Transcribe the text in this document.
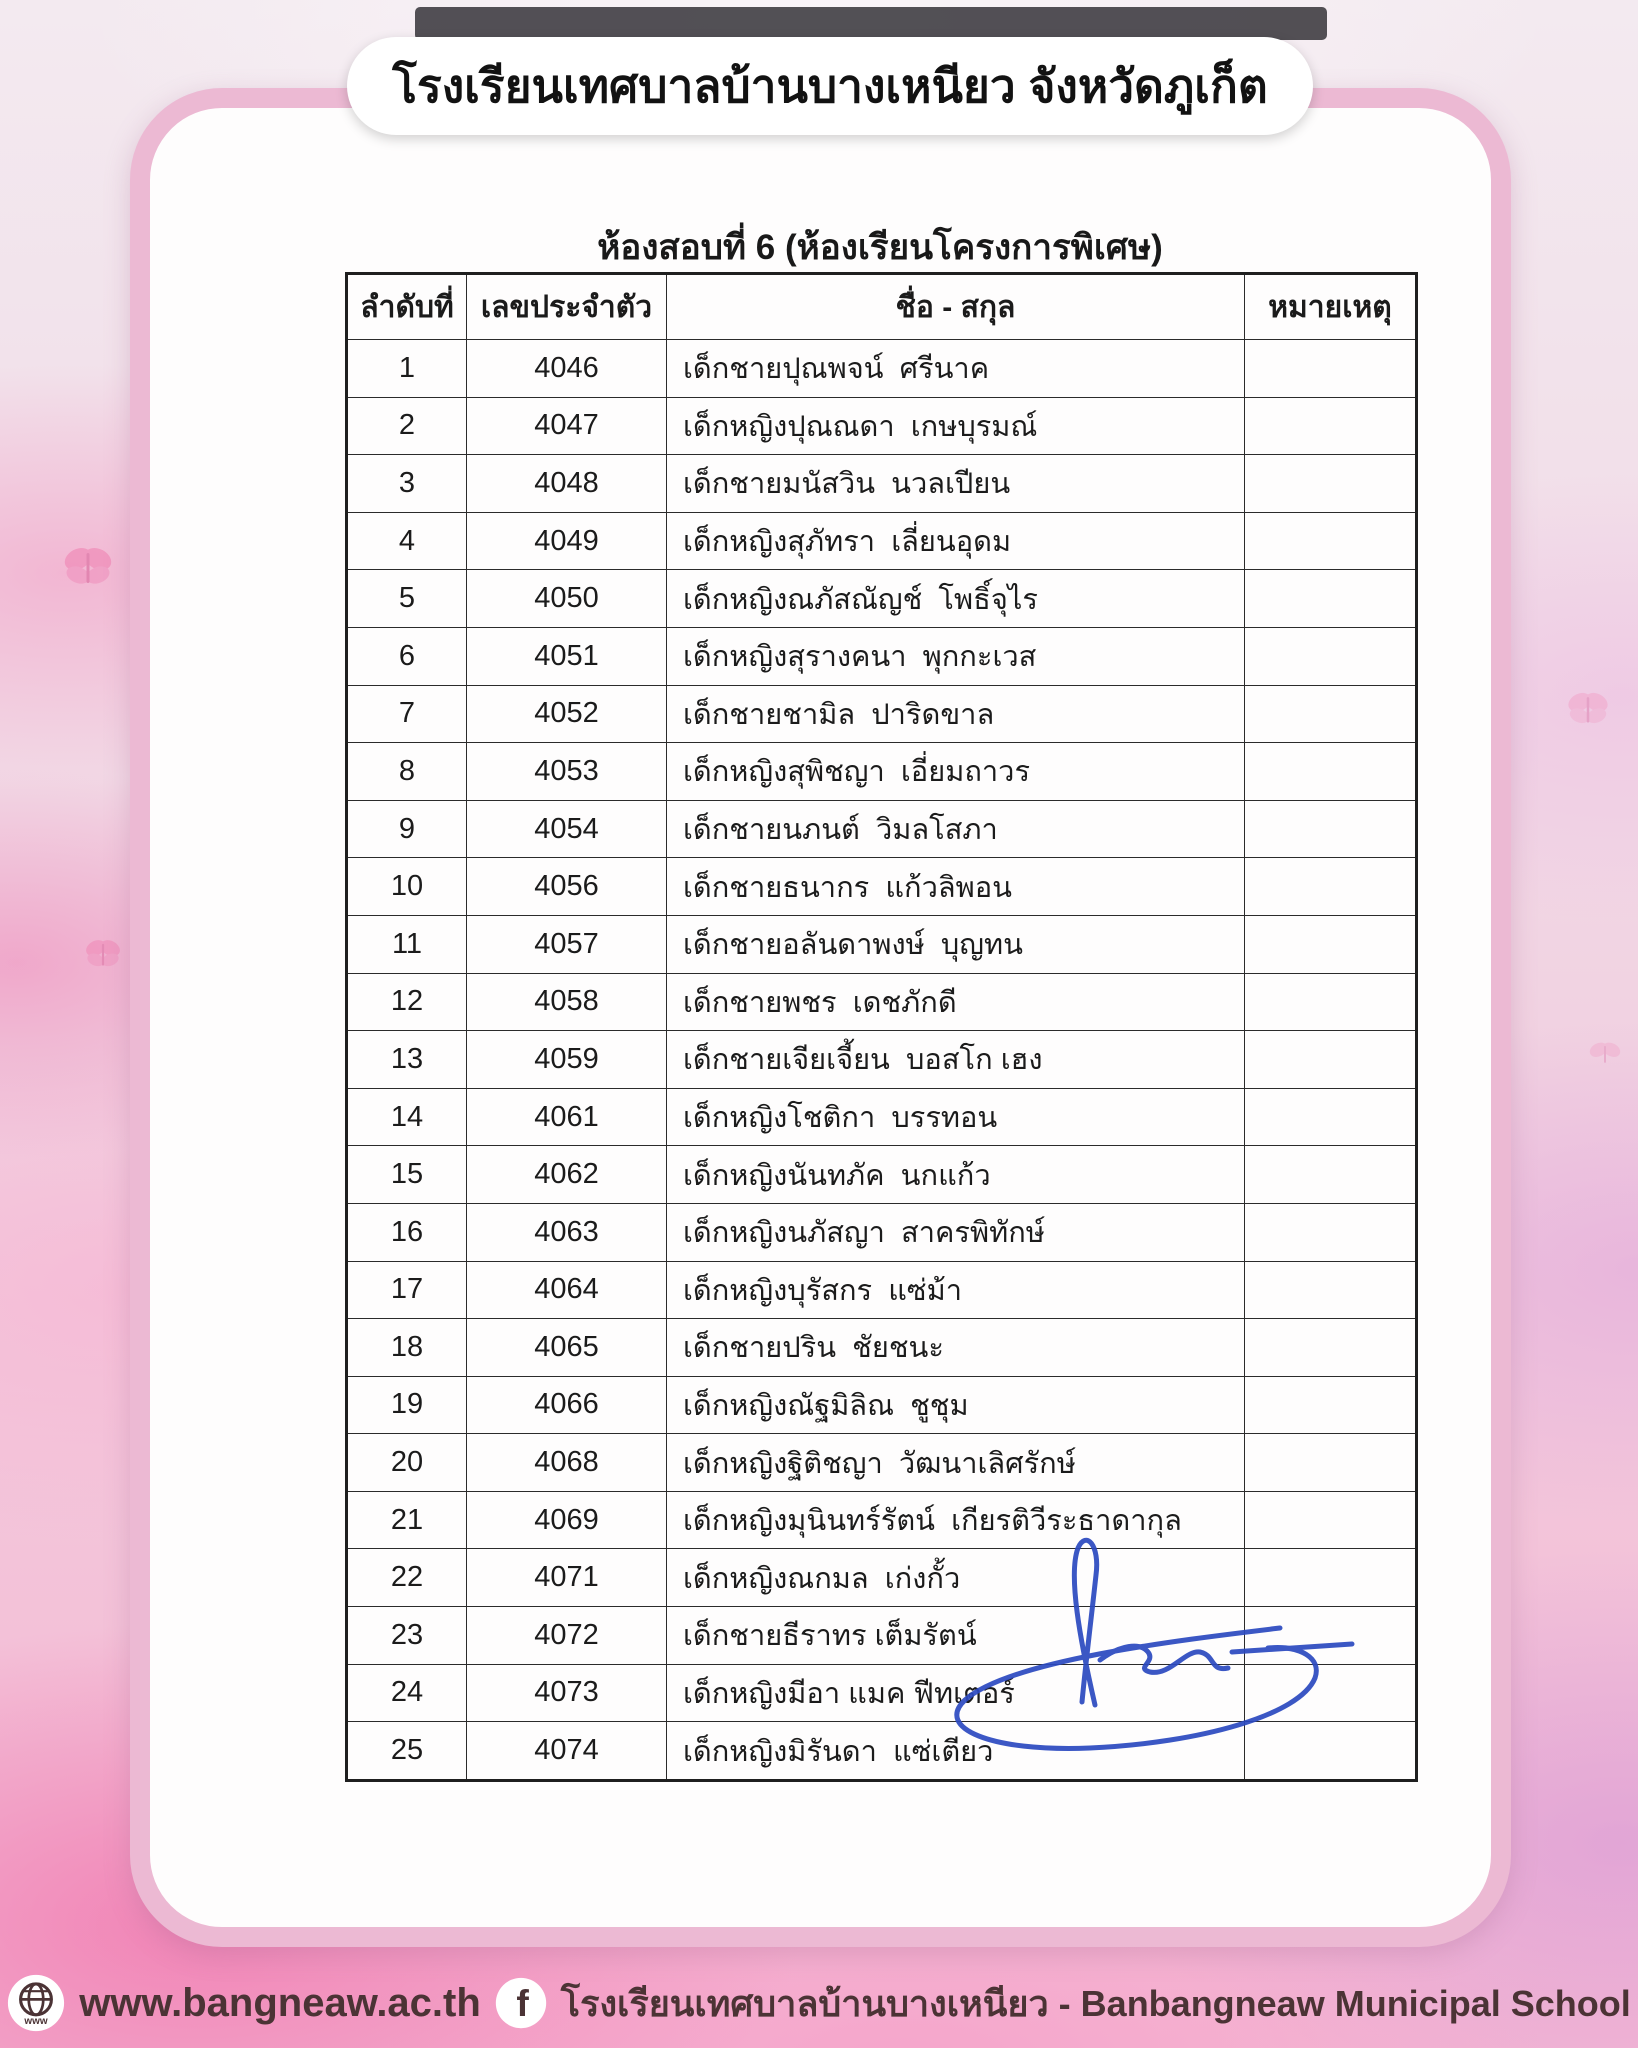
โรงเรียนเทศบาลบ้านบางเหนียว จังหวัดภูเก็ต
ห้องสอบที่ 6 (ห้องเรียนโครงการพิเศษ)
ลำดับที่	เลขประจำตัว	ชื่อ - สกุล	หมายเหตุ
1	4046	เด็กชายปุณพจน์  ศรีนาค	
2	4047	เด็กหญิงปุณณดา  เกษบุรมณ์	
3	4048	เด็กชายมนัสวิน  นวลเปียน	
4	4049	เด็กหญิงสุภัทรา  เลี่ยนอุดม	
5	4050	เด็กหญิงณภัสณัญช์  โพธิ์จุไร	
6	4051	เด็กหญิงสุรางคนา  พุกกะเวส	
7	4052	เด็กชายชามิล  ปาริดขาล	
8	4053	เด็กหญิงสุพิชญา  เอี่ยมถาวร	
9	4054	เด็กชายนภนต์  วิมลโสภา	
10	4056	เด็กชายธนากร  แก้วลิพอน	
11	4057	เด็กชายอลันดาพงษ์  บุญทน	
12	4058	เด็กชายพชร  เดชภักดี	
13	4059	เด็กชายเจียเจี้ยน  บอสโก เฮง	
14	4061	เด็กหญิงโชติกา  บรรทอน	
15	4062	เด็กหญิงนันทภัค  นกแก้ว	
16	4063	เด็กหญิงนภัสญา  สาครพิทักษ์	
17	4064	เด็กหญิงบุรัสกร  แซ่ม้า	
18	4065	เด็กชายปริน  ชัยชนะ	
19	4066	เด็กหญิงณัฐมิลิณ  ชูชุม	
20	4068	เด็กหญิงฐิติชญา  วัฒนาเลิศรักษ์	
21	4069	เด็กหญิงมุนินทร์รัตน์  เกียรติวีระธาดากุล	
22	4071	เด็กหญิงณกมล  เก่งกั้ว	
23	4072	เด็กชายธีราทร เต็มรัตน์	
24	4073	เด็กหญิงมีอา แมค ฟีทเตอร์	
25	4074	เด็กหญิงมิรันดา  แซ่เตียว	
www www.bangneaw.ac.th f โรงเรียนเทศบาลบ้านบางเหนียว - Banbangneaw Municipal School
